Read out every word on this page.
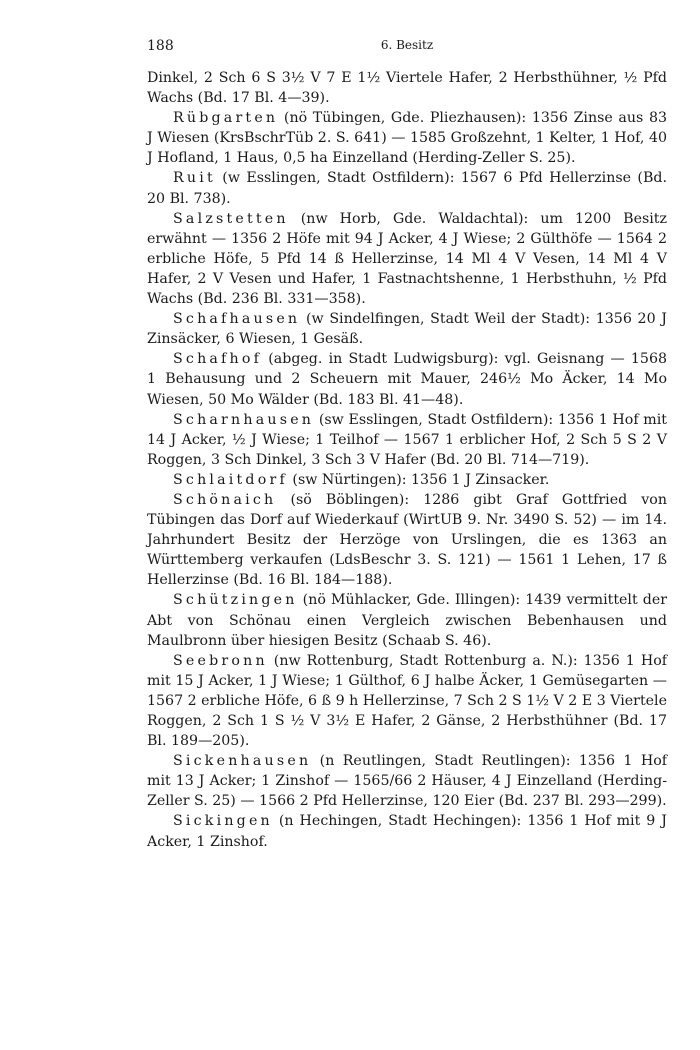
6. Besitz
188

Dinkel, 2 Sch 6 S 3½ V 7 E 1½ Viertele Hafer, 2 Herbsthühner, ½ Pfd Wachs (Bd. 17 Bl. 4—39).

Rübgarten (nö Tübingen, Gde. Pliezhausen): 1356 Zinse aus 83 J Wiesen (KrsBschrTüb 2. S. 641) — 1585 Großzehnt, 1 Kelter, 1 Hof, 40 J Hofland, 1 Haus, 0,5 ha Einzelland (Herding-Zeller S. 25).

Ruit (w Esslingen, Stadt Ostfildern): 1567 6 Pfd Hellerzinse (Bd. 20 Bl. 738).

Salzstetten (nw Horb, Gde. Waldachtal): um 1200 Besitz erwähnt — 1356 2 Höfe mit 94 J Acker, 4 J Wiese; 2 Gülthöfe — 1564 2 erbliche Höfe, 5 Pfd 14 ß Hellerzinse, 14 Ml 4 V Vesen, 14 Ml 4 V Hafer, 2 V Vesen und Hafer, 1 Fastnachtshenne, 1 Herbsthuhn, ½ Pfd Wachs (Bd. 236 Bl. 331—358).

Schafhausen (w Sindelfingen, Stadt Weil der Stadt): 1356 20 J Zinsäcker, 6 Wiesen, 1 Gesäß.

Schafhof (abgeg. in Stadt Ludwigsburg): vgl. Geisnang — 1568 1 Behausung und 2 Scheuern mit Mauer, 246½ Mo Äcker, 14 Mo Wiesen, 50 Mo Wälder (Bd. 183 Bl. 41—48).

Scharnhausen (sw Esslingen, Stadt Ostfildern): 1356 1 Hof mit 14 J Acker, ½ J Wiese; 1 Teilhof — 1567 1 erblicher Hof, 2 Sch 5 S 2 V Roggen, 3 Sch Dinkel, 3 Sch 3 V Hafer (Bd. 20 Bl. 714—719).

Schlaitdorf (sw Nürtingen): 1356 1 J Zinsacker.

Schönaich (sö Böblingen): 1286 gibt Graf Gottfried von Tübingen das Dorf auf Wiederkauf (WirtUB 9. Nr. 3490 S. 52) — im 14. Jahrhundert Besitz der Herzöge von Urslingen, die es 1363 an Württemberg verkaufen (LdsBeschr 3. S. 121) — 1561 1 Lehen, 17 ß Hellerzinse (Bd. 16 Bl. 184—188).

Schützingen (nö Mühlacker, Gde. Illingen): 1439 vermittelt der Abt von Schönau einen Vergleich zwischen Bebenhausen und Maulbronn über hiesigen Besitz (Schaab S. 46).

Seebronn (nw Rottenburg, Stadt Rottenburg a. N.): 1356 1 Hof mit 15 J Acker, 1 J Wiese; 1 Gülthof, 6 J halbe Äcker, 1 Gemüsegarten — 1567 2 erbliche Höfe, 6 ß 9 h Hellerzinse, 7 Sch 2 S 1½ V 2 E 3 Viertele Roggen, 2 Sch 1 S ½ V 3½ E Hafer, 2 Gänse, 2 Herbsthühner (Bd. 17 Bl. 189—205).

Sickenhausen (n Reutlingen, Stadt Reutlingen): 1356 1 Hof mit 13 J Acker; 1 Zinshof — 1565/66 2 Häuser, 4 J Einzelland (Herding-Zeller S. 25) — 1566 2 Pfd Hellerzinse, 120 Eier (Bd. 237 Bl. 293—299).

Sickingen (n Hechingen, Stadt Hechingen): 1356 1 Hof mit 9 J Acker, 1 Zinshof.
